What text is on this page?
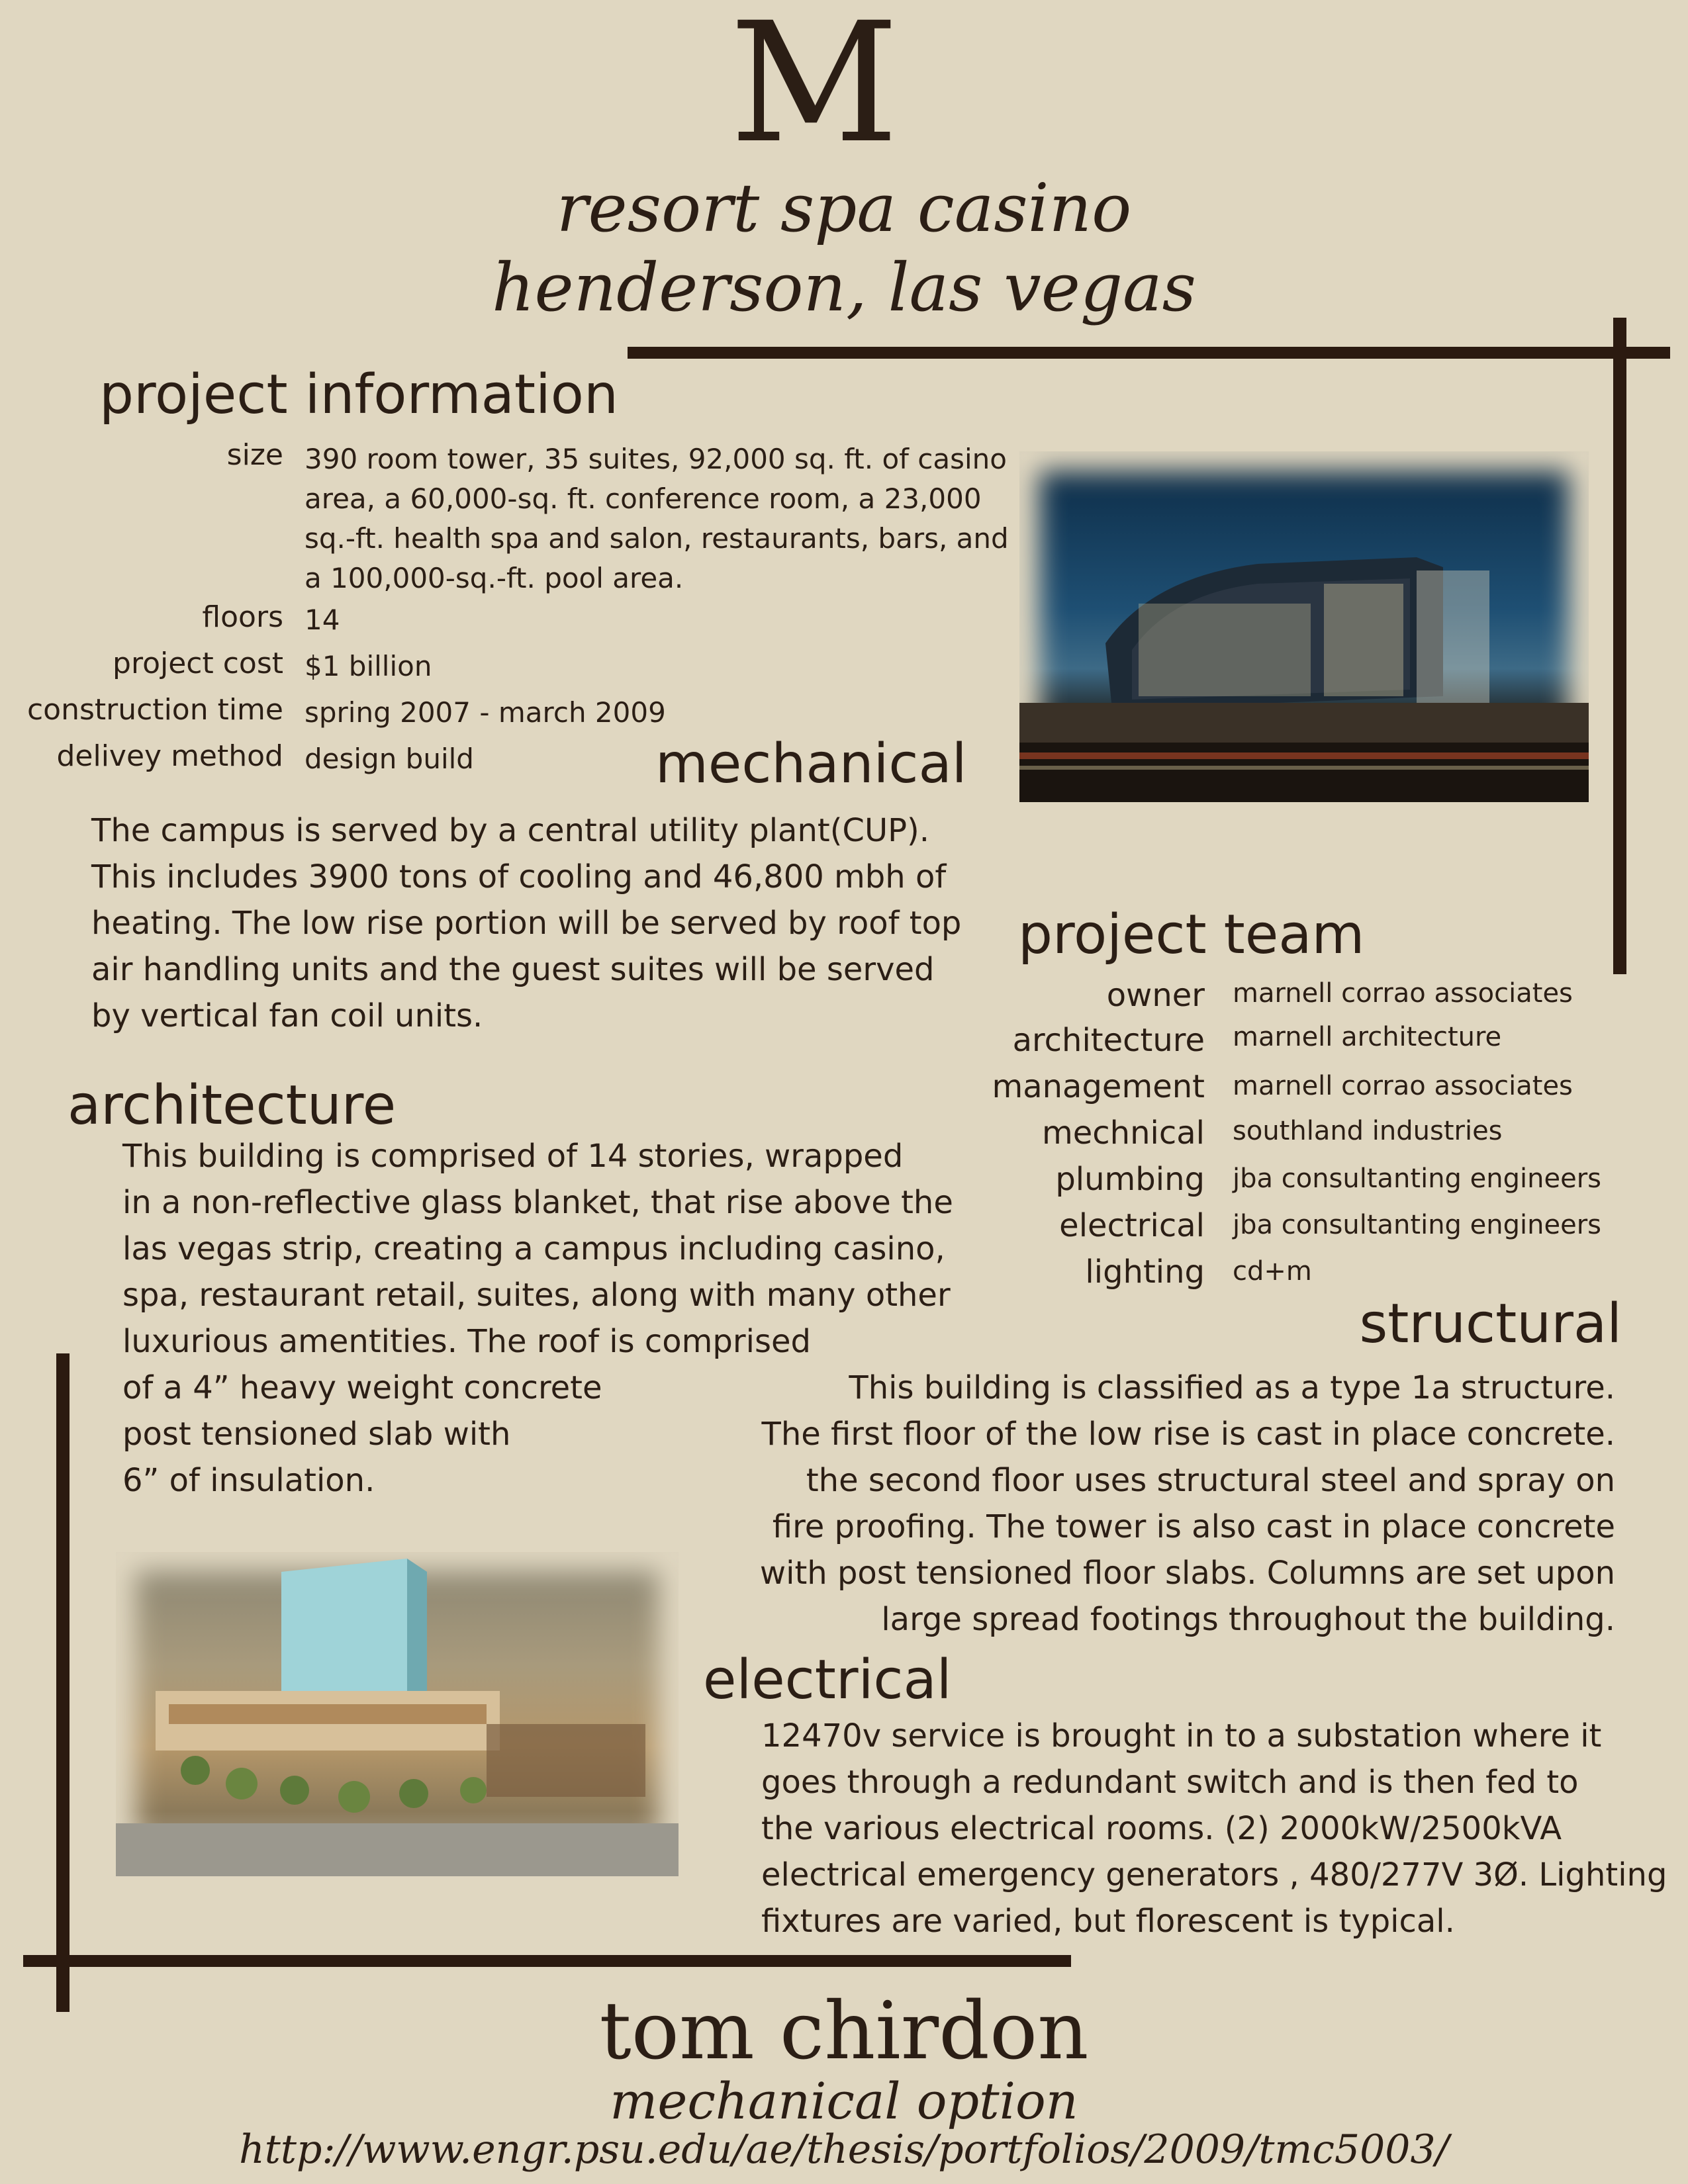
M
resort spa casino
henderson, las vegas
project information
size 390 room tower, 35 suites, 92,000 sq. ft. of casino
area, a 60,000-sq. ft. conference room, a 23,000
sq.-ft. health spa and salon, restaurants, bars, and
a 100,000-sq.-ft. pool area.
floors 14
project cost $1 billion
construction time spring 2007 - march 2009
delivey method design build	mechanical
The campus is served by a central utility plant(CUP).
This includes 3900 tons of cooling and 46,800 mbh of
heating. The low rise portion will be served by roof top
air handling units and the guest suites will be served
by vertical fan coil units.
project team
owner marnell corrao associates
architecture marnell architecture
management marnell corrao associates
mechnical southland industries
plumbing jba consultanting engineers
electrical jba consultanting engineers
lighting cd+m
architecture
This building is comprised of 14 stories, wrapped
in a non-reflective glass blanket, that rise above the
las vegas strip, creating a campus including casino,
spa, restaurant retail, suites, along with many other
luxurious amentities. The roof is comprised
of a 4” heavy weight concrete
post tensioned slab with
6” of insulation.
structural
This building is classified as a type 1a structure.
The first floor of the low rise is cast in place concrete.
the second floor uses structural steel and spray on
fire proofing. The tower is also cast in place concrete
with post tensioned floor slabs. Columns are set upon
large spread footings throughout the building.
electrical
12470v service is brought in to a substation where it
goes through a redundant switch and is then fed to
the various electrical rooms. (2) 2000kW/2500kVA
electrical emergency generators , 480/277V 3Ø. Lighting
fixtures are varied, but florescent is typical.
tom chirdon
mechanical option
http://www.engr.psu.edu/ae/thesis/portfolios/2009/tmc5003/
